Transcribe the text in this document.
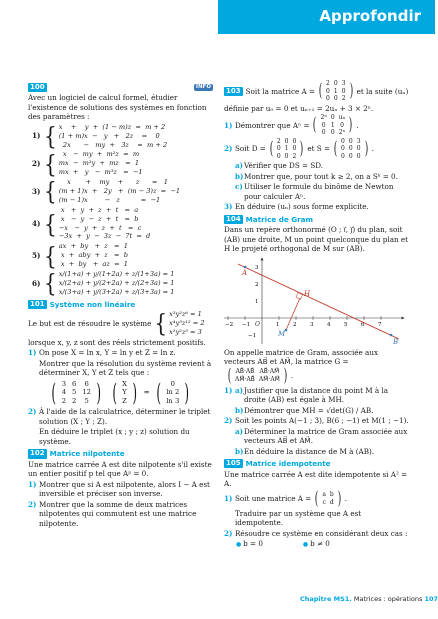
Approfondir
100	INFO

Avec un logiciel de calcul formel, étudier l'existence de solutions des systèmes en fonction des paramètres :

1) { x    +    y  +  (1 − m)z  =  m + 2
(1 + m)x  −   y   +   2z    =    0
2x      −   my  +   3z    =  m + 2
2) { x   −  my  +  m²z  =  m
mx  −  m²y  +  mz   =  1
mx  +   y   −  m³z   =  −1
3) { x       +    my    +      z      =   1
(m + 1)x  +   2y   +  (m − 3)z  =  −1
(m − 1)x        −   z          =  −1
4) { x   +  y  +  z  +  t   =  a
x   −  y  −  z  +  t   =  b
−x   −  y  +  z  +  t   =  c
−3x  +  y  −  3z  −  7t  =  d
5) { ax  +  by   +  z   =  1
x  +  aby  +  z   =  b
x  +  by   +  az  =  1
6) { x/(1+a) + y/(1+2a) + z/(1+3a) = 1
x/(2+a) + y/(2+2a) + z/(2+3a) = 1
x/(3+a) + y/(3+2a) + z/(3+3a) = 1
101 Système non linéaire
Le but est de résoudre le système { x³y²z⁶ = 1
x⁴y⁵z¹² = 2
x²y²z⁵ = 3

lorsque x, y, z sont des réels strictement positifs.

1) On pose X = ln x, Y = ln y et Z = ln z.

Montrer que la résolution du système revient à déterminer X, Y et Z tels que :

( 3	6	6
4	5	12
2	2	5 )
( X
Y
Z ) = ( 0
ln 2
ln 3 )
2) À l'aide de la calculatrice, déterminer le triplet solution (X ; Y ; Z).

En déduire le triplet (x ; y ; z) solution du système.

102 Matrice nilpotente

Une matrice carrée A est dite nilpotente s'il existe un entier positif p tel que Aᵖ = 0.

1) Montrer que si A est nilpotente, alors I − A est inversible et préciser son inverse.
2) Montrer que la somme de deux matrices nilpotentes qui commutent est une matrice nilpotente.
103 Soit la matrice A = ( 2	0	3
0	1	0
0	0	2 ) et la suite (uₙ)

définie par u₀ = 0 et uₙ₊₁ = 2uₙ + 3 × 2ⁿ.

1) Démontrer que Aⁿ = ( 2ⁿ	0	uₙ
0	1	0
0	0	2ⁿ ) .
2) Soit D = ( 2	0	0
0	1	0
0	0	2 ) et S = ( 0	0	3
0	0	0
0	0	0 ) .
a) Vérifier que DS = SD.
b) Montrer que, pour tout k ≥ 2, on a Sᵏ = 0.
c) Utiliser le formule du binôme de Newton pour calculer Aⁿ.
3) En déduire (uₙ) sous forme explicite.
104 Matrice de Gram

Dans un repère orthonormé (O ; i⃗, j⃗) du plan, soit (AB) une droite, M un point quelconque du plan et H le projeté orthogonal de M sur (AB).

−2 −1	1 2 3 4 5 6 7
3
2
1
−1
A
B
M
H
O
On appelle matrice de Gram, associée aux vecteurs AB⃗ et AM⃗, la matrice G =
( AB⃗·AB⃗	AB⃗·AM⃗
AM⃗·AB⃗	AM⃗·AM⃗ ) .
1) a) Justifier que la distance du point M à la droite (AB) est égale à MH.
b) Démontrer que MH = √det(G) / AB.
2) Soit les points A(−1 ; 3), B(6 ; −1) et M(1 ; −1).
a) Déterminer la matrice de Gram associée aux vecteurs AB⃗ et AM⃗.
b) En déduire la distance de M à (AB).
105 Matrice idempotente

Une matrice carrée A est dite idempotente si A² = A.

1) Soit une matrice A = ( a	b
c	d ) .

Traduire par un système que A est idempotente.

2) Résoudre ce système en considérant deux cas :
● b = 0	● b ≠ 0
Chapitre MS1. Matrices : opérations 107
